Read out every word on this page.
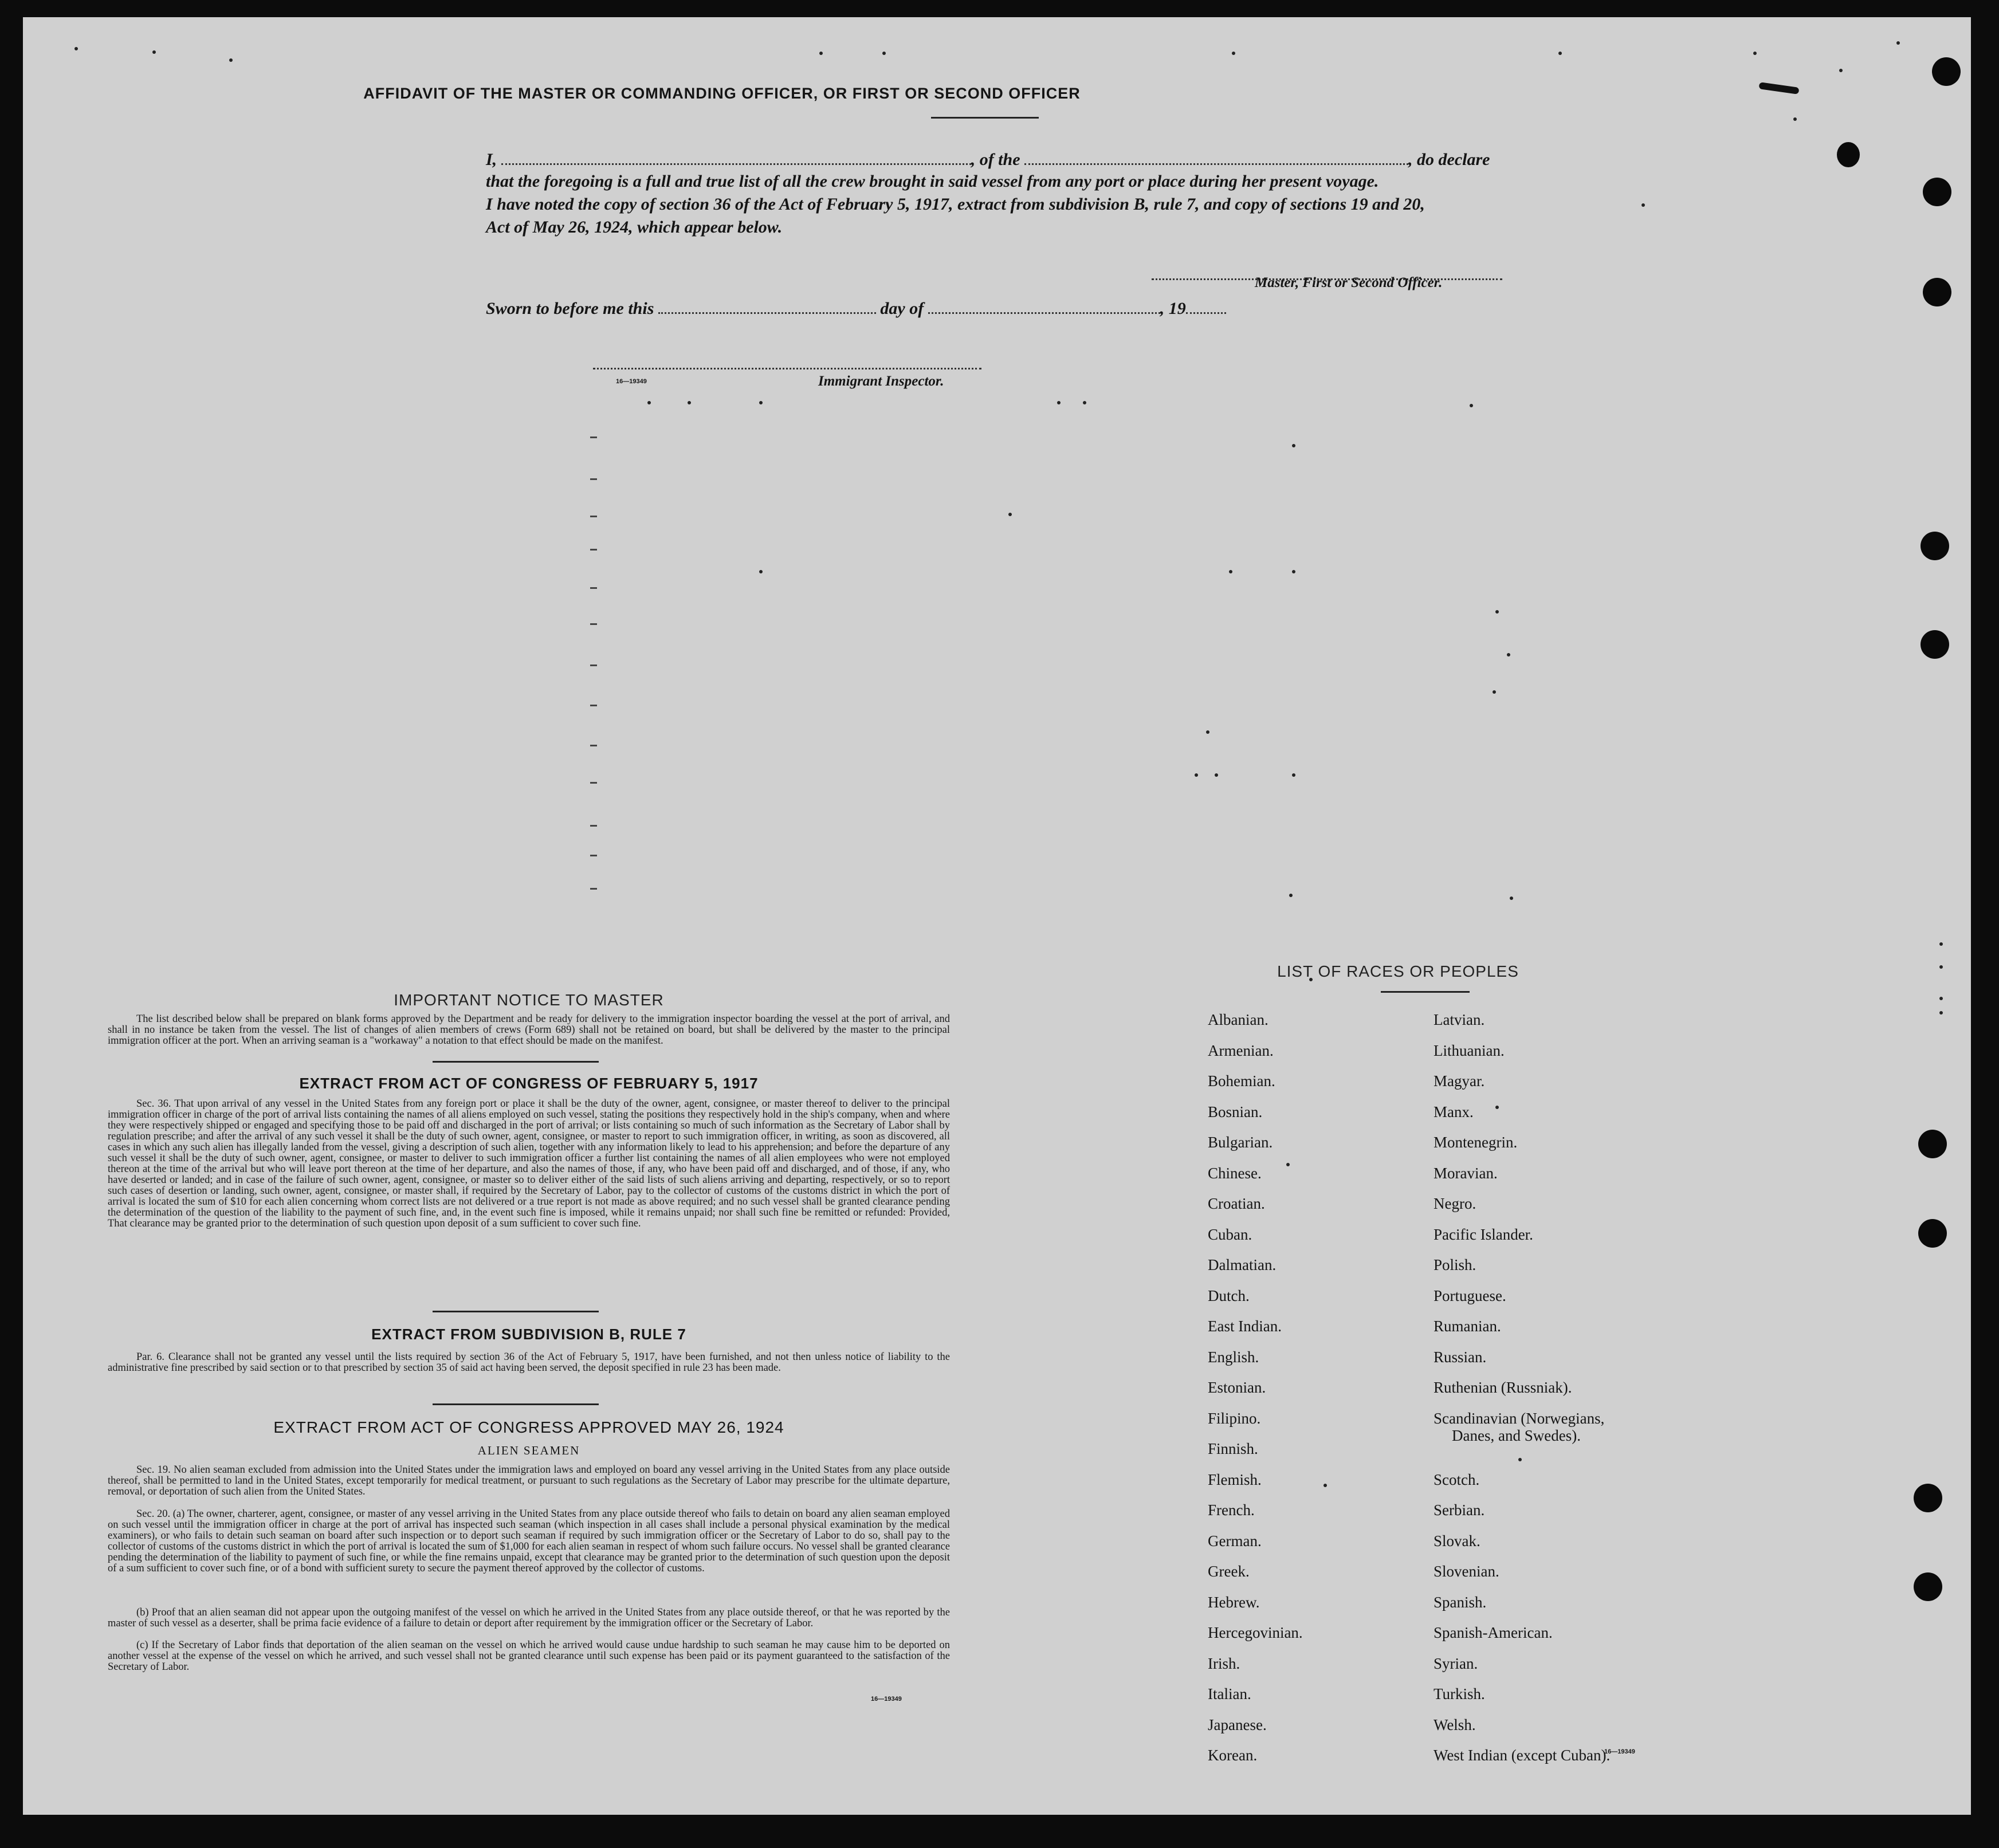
AFFIDAVIT OF THE MASTER OR COMMANDING OFFICER, OR FIRST OR SECOND OFFICER
I,	, of the	, do declare
that the foregoing is a full and true list of all the crew brought in said vessel from any port or place during her present voyage.
I have noted the copy of section 36 of the Act of February 5, 1917, extract from subdivision B, rule 7, and copy of sections 19 and 20,
Act of May 26, 1924, which appear below.
Master, First or Second Officer.
Sworn to before me this	day of	, 19
16—19349	Immigrant Inspector.
IMPORTANT NOTICE TO MASTER
The list described below shall be prepared on blank forms approved by the Department and be ready for delivery to the immigration inspector boarding the vessel at the port of arrival, and shall in no instance be taken from the vessel. The list of changes of alien members of crews (Form 689) shall not be retained on board, but shall be delivered by the master to the principal immigration officer at the port. When an arriving seaman is a "workaway" a notation to that effect should be made on the manifest.
EXTRACT FROM ACT OF CONGRESS OF FEBRUARY 5, 1917
Sec. 36. That upon arrival of any vessel in the United States from any foreign port or place it shall be the duty of the owner, agent, consignee, or master thereof to deliver to the principal immigration officer in charge of the port of arrival lists containing the names of all aliens employed on such vessel, stating the positions they respectively hold in the ship's company, when and where they were respectively shipped or engaged and specifying those to be paid off and discharged in the port of arrival; or lists containing so much of such information as the Secretary of Labor shall by regulation prescribe; and after the arrival of any such vessel it shall be the duty of such owner, agent, consignee, or master to report to such immigration officer, in writing, as soon as discovered, all cases in which any such alien has illegally landed from the vessel, giving a description of such alien, together with any information likely to lead to his apprehension; and before the departure of any such vessel it shall be the duty of such owner, agent, consignee, or master to deliver to such immigration officer a further list containing the names of all alien employees who were not employed thereon at the time of the arrival but who will leave port thereon at the time of her departure, and also the names of those, if any, who have been paid off and discharged, and of those, if any, who have deserted or landed; and in case of the failure of such owner, agent, consignee, or master so to deliver either of the said lists of such aliens arriving and departing, respectively, or so to report such cases of desertion or landing, such owner, agent, consignee, or master shall, if required by the Secretary of Labor, pay to the collector of customs of the customs district in which the port of arrival is located the sum of $10 for each alien concerning whom correct lists are not delivered or a true report is not made as above required; and no such vessel shall be granted clearance pending the determination of the question of the liability to the payment of such fine, and, in the event such fine is imposed, while it remains unpaid; nor shall such fine be remitted or refunded: Provided, That clearance may be granted prior to the determination of such question upon deposit of a sum sufficient to cover such fine.
EXTRACT FROM SUBDIVISION B, RULE 7
Par. 6. Clearance shall not be granted any vessel until the lists required by section 36 of the Act of February 5, 1917, have been furnished, and not then unless notice of liability to the administrative fine prescribed by said section or to that prescribed by section 35 of said act having been served, the deposit specified in rule 23 has been made.
EXTRACT FROM ACT OF CONGRESS APPROVED MAY 26, 1924
ALIEN SEAMEN
Sec. 19. No alien seaman excluded from admission into the United States under the immigration laws and employed on board any vessel arriving in the United States from any place outside thereof, shall be permitted to land in the United States, except temporarily for medical treatment, or pursuant to such regulations as the Secretary of Labor may prescribe for the ultimate departure, removal, or deportation of such alien from the United States.
Sec. 20. (a) The owner, charterer, agent, consignee, or master of any vessel arriving in the United States from any place outside thereof who fails to detain on board any alien seaman employed on such vessel until the immigration officer in charge at the port of arrival has inspected such seaman (which inspection in all cases shall include a personal physical examination by the medical examiners), or who fails to detain such seaman on board after such inspection or to deport such seaman if required by such immigration officer or the Secretary of Labor to do so, shall pay to the collector of customs of the customs district in which the port of arrival is located the sum of $1,000 for each alien seaman in respect of whom such failure occurs. No vessel shall be granted clearance pending the determination of the liability to payment of such fine, or while the fine remains unpaid, except that clearance may be granted prior to the determination of such question upon the deposit of a sum sufficient to cover such fine, or of a bond with sufficient surety to secure the payment thereof approved by the collector of customs.
(b) Proof that an alien seaman did not appear upon the outgoing manifest of the vessel on which he arrived in the United States from any place outside thereof, or that he was reported by the master of such vessel as a deserter, shall be prima facie evidence of a failure to detain or deport after requirement by the immigration officer or the Secretary of Labor.
(c) If the Secretary of Labor finds that deportation of the alien seaman on the vessel on which he arrived would cause undue hardship to such seaman he may cause him to be deported on another vessel at the expense of the vessel on which he arrived, and such vessel shall not be granted clearance until such expense has been paid or its payment guaranteed to the satisfaction of the Secretary of Labor.
16—19349
LIST OF RACES OR PEOPLES
Albanian.
Armenian.
Bohemian.
Bosnian.
Bulgarian.
Chinese.
Croatian.
Cuban.
Dalmatian.
Dutch.
East Indian.
English.
Estonian.
Filipino.
Finnish.
Flemish.
French.
German.
Greek.
Hebrew.
Hercegovinian.
Irish.
Italian.
Japanese.
Korean.
Latvian.
Lithuanian.
Magyar.
Manx.
Montenegrin.
Moravian.
Negro.
Pacific Islander.
Polish.
Portuguese.
Rumanian.
Russian.
Ruthenian (Russniak).
Scandinavian (Norwegians,
Danes, and Swedes).
Scotch.
Serbian.
Slovak.
Slovenian.
Spanish.
Spanish-American.
Syrian.
Turkish.
Welsh.
West Indian (except Cuban).
16—19349
